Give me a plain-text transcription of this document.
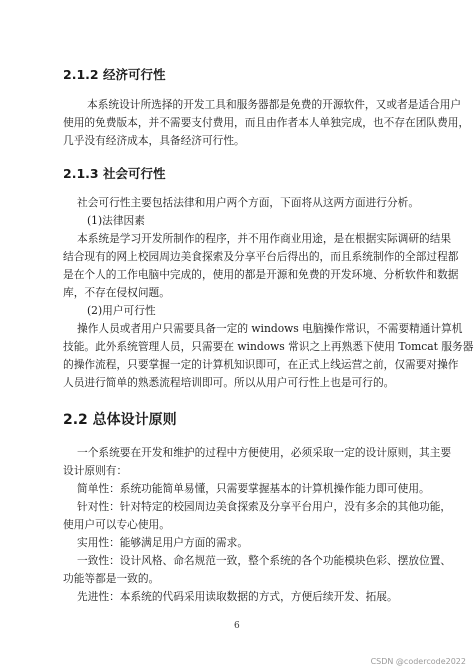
2.1.2 经济可行性
本系统设计所选择的开发工具和服务器都是免费的开源软件，又或者是适合用户
使用的免费版本，并不需要支付费用，而且由作者本人单独完成，也不存在团队费用，
几乎没有经济成本，具备经济可行性。
2.1.3 社会可行性
社会可行性主要包括法律和用户两个方面，下面将从这两方面进行分析。
(1)法律因素
本系统是学习开发所制作的程序，并不用作商业用途，是在根据实际调研的结果
结合现有的网上校园周边美食探索及分享平台后得出的，而且系统制作的全部过程都
是在个人的工作电脑中完成的，使用的都是开源和免费的开发环境、分析软件和数据
库，不存在侵权问题。
(2)用户可行性
操作人员或者用户只需要具备一定的 windows 电脑操作常识，不需要精通计算机
技能。此外系统管理人员，只需要在 windows 常识之上再熟悉下使用 Tomcat 服务器
的操作流程，只要掌握一定的计算机知识即可，在正式上线运营之前，仅需要对操作
人员进行简单的熟悉流程培训即可。所以从用户可行性上也是可行的。
2.2 总体设计原则
一个系统要在开发和维护的过程中方便使用，必须采取一定的设计原则，其主要
设计原则有：
简单性：系统功能简单易懂，只需要掌握基本的计算机操作能力即可使用。
针对性：针对特定的校园周边美食探索及分享平台用户，没有多余的其他功能，
使用户可以专心使用。
实用性：能够满足用户方面的需求。
一致性：设计风格、命名规范一致，整个系统的各个功能模块色彩、摆放位置、
功能等都是一致的。
先进性：本系统的代码采用读取数据的方式，方便后续开发、拓展。
6
CSDN @codercode2022
